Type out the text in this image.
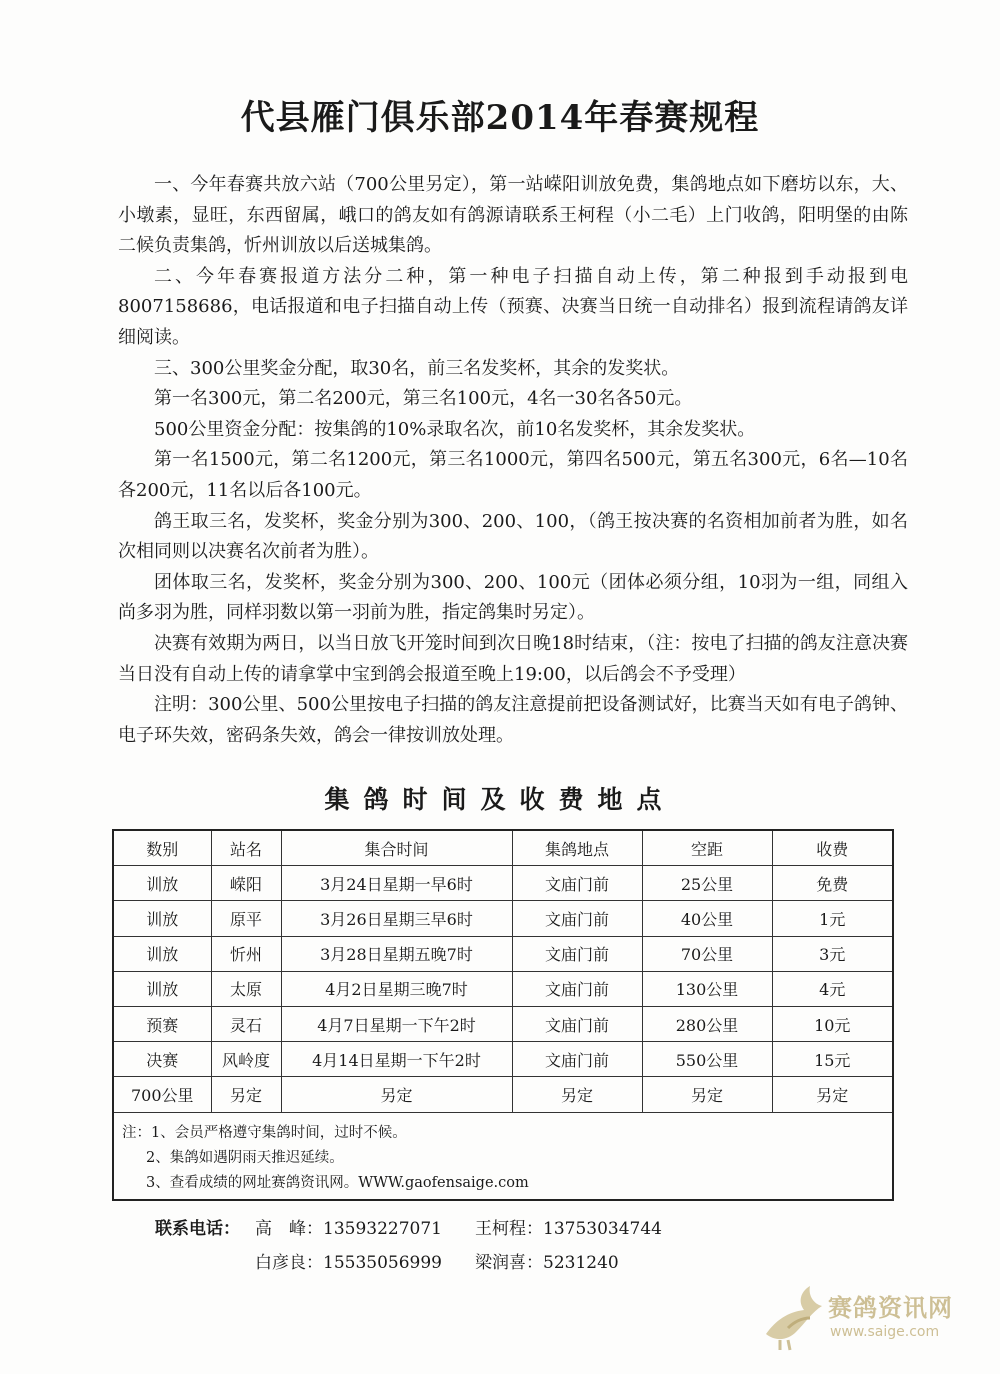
代县雁门俱乐部2014年春赛规程

一、今年春赛共放六站（700公里另定），第一站嵘阳训放免费，集鸽地点如下磨坊以东，大、小墩素，显旺，东西留属，峨口的鸽友如有鸽源请联系王柯程（小二毛）上门收鸽，阳明堡的由陈二候负责集鸽，忻州训放以后送城集鸽。

二、今年春赛报道方法分二种，第一种电子扫描自动上传，第二种报到手动报到电8007158686，电话报道和电子扫描自动上传（预赛、决赛当日统一自动排名）报到流程请鸽友详细阅读。

三、300公里奖金分配，取30名，前三名发奖杯，其余的发奖状。

第一名300元，第二名200元，第三名100元，4名一30名各50元。

500公里资金分配：按集鸽的10%录取名次，前10名发奖杯，其余发奖状。

第一名1500元，第二名1200元，第三名1000元，第四名500元，第五名300元，6名—10名各200元，11名以后各100元。

鸽王取三名，发奖杯，奖金分别为300、200、100，（鸽王按决赛的名资相加前者为胜，如名次相同则以决赛名次前者为胜）。

团体取三名，发奖杯，奖金分别为300、200、100元（团体必须分组，10羽为一组，同组入尚多羽为胜，同样羽数以第一羽前为胜，指定鸽集时另定）。

决赛有效期为两日，以当日放飞开笼时间到次日晚18时结束，（注：按电了扫描的鸽友注意决赛当日没有自动上传的请拿掌中宝到鸽会报道至晚上19:00，以后鸽会不予受理）

注明：300公里、500公里按电子扫描的鸽友注意提前把设备测试好，比赛当天如有电子鸽钟、电子环失效，密码条失效，鸽会一律按训放处理。

集鸽时间及收费地点
数别	站名	集合时间	集鸽地点	空距	收费
训放	嵘阳	3月24日星期一早6时	文庙门前	25公里	免费
训放	原平	3月26日星期三早6时	文庙门前	40公里	1元
训放	忻州	3月28日星期五晚7时	文庙门前	70公里	3元
训放	太原	4月2日星期三晚7时	文庙门前	130公里	4元
预赛	灵石	4月7日星期一下午2时	文庙门前	280公里	10元
决赛	风岭度	4月14日星期一下午2时	文庙门前	550公里	15元
700公里	另定	另定	另定	另定	另定

注：1、会员严格遵守集鸽时间，过时不候。

2、集鸽如遇阴雨天推迟延续。

3、查看成绩的网址赛鸽资讯网。WWW.gaofensaige.com

联系电话： 高　峰：13593227071 王柯程：13753034744
白彦良：15535056999 梁润喜：5231240
赛鸽资讯网
www.saige.com
